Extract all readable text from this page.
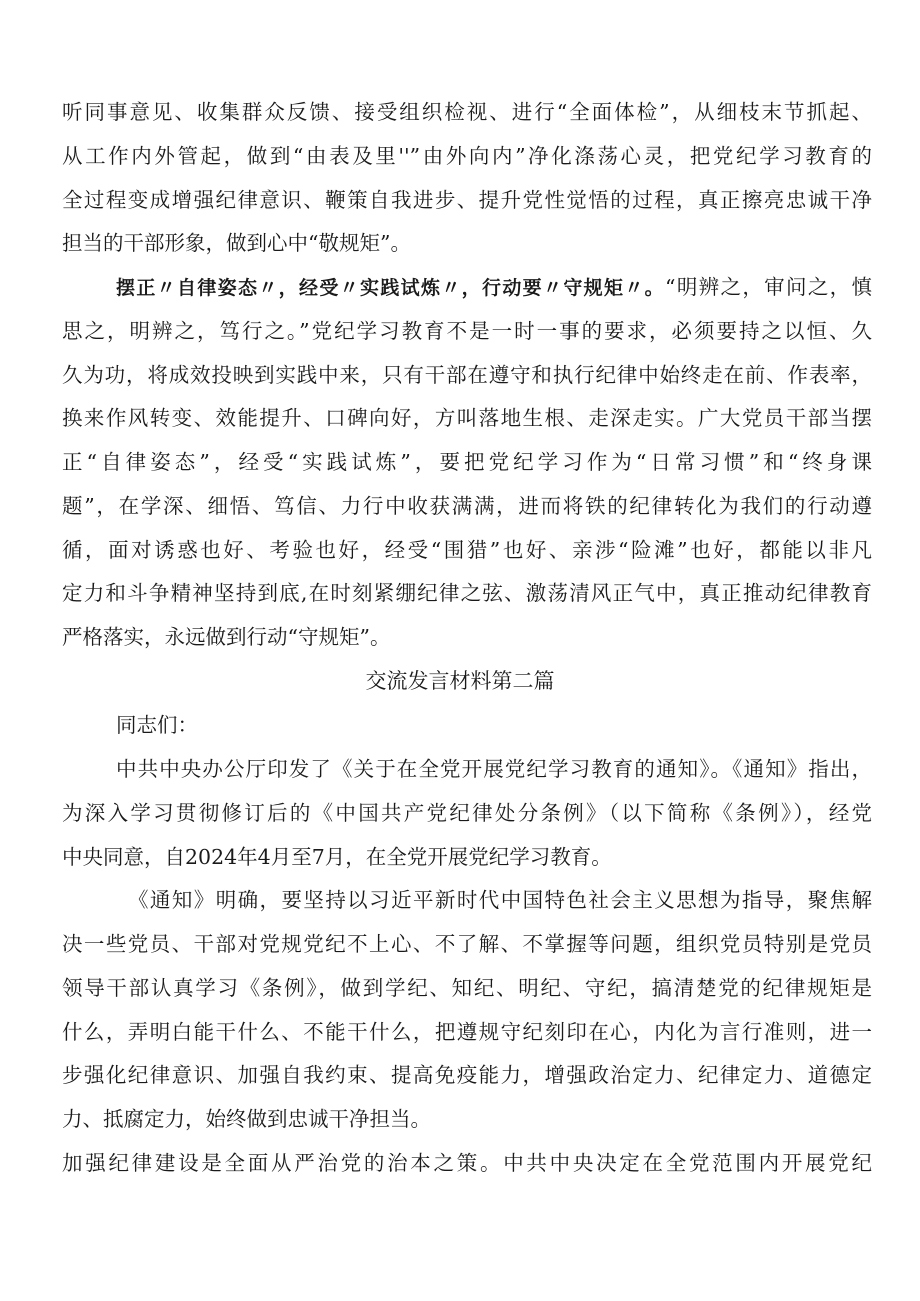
听同事意见、收集群众反馈、接受组织检视、进行“全面体检”，从细枝末节抓起、
从工作内外管起，做到“由表及里''”由外向内”净化涤荡心灵，把党纪学习教育的
全过程变成增强纪律意识、鞭策自我进步、提升党性觉悟的过程，真正擦亮忠诚干净
担当的干部形象，做到心中“敬规矩”。
摆正〃自律姿态〃，经受〃实践试炼〃，行动要〃守规矩〃。“明辨之，审问之，慎
思之，明辨之，笃行之。”党纪学习教育不是一时一事的要求，必须要持之以恒、久
久为功，将成效投映到实践中来，只有干部在遵守和执行纪律中始终走在前、作表率，
换来作风转变、效能提升、口碑向好，方叫落地生根、走深走实。广大党员干部当摆
正“自律姿态”，经受“实践试炼”，要把党纪学习作为“日常习惯”和“终身课
题”，在学深、细悟、笃信、力行中收获满满，进而将铁的纪律转化为我们的行动遵
循，面对诱惑也好、考验也好，经受“围猎”也好、亲涉“险滩”也好，都能以非凡
定力和斗争精神坚持到底,在时刻紧绷纪律之弦、激荡清风正气中，真正推动纪律教育
严格落实，永远做到行动“守规矩”。
交流发言材料第二篇
同志们：
中共中央办公厅印发了《关于在全党开展党纪学习教育的通知》。《通知》指出，
为深入学习贯彻修订后的《中国共产党纪律处分条例》（以下简称《条例》），经党
中央同意，自2024年4月至7月，在全党开展党纪学习教育。
《通知》明确，要坚持以习近平新时代中国特色社会主义思想为指导，聚焦解
决一些党员、干部对党规党纪不上心、不了解、不掌握等问题，组织党员特别是党员
领导干部认真学习《条例》，做到学纪、知纪、明纪、守纪，搞清楚党的纪律规矩是
什么，弄明白能干什么、不能干什么，把遵规守纪刻印在心，内化为言行准则，进一
步强化纪律意识、加强自我约束、提高免疫能力，增强政治定力、纪律定力、道德定
力、抵腐定力，始终做到忠诚干净担当。
加强纪律建设是全面从严治党的治本之策。中共中央决定在全党范围内开展党纪
